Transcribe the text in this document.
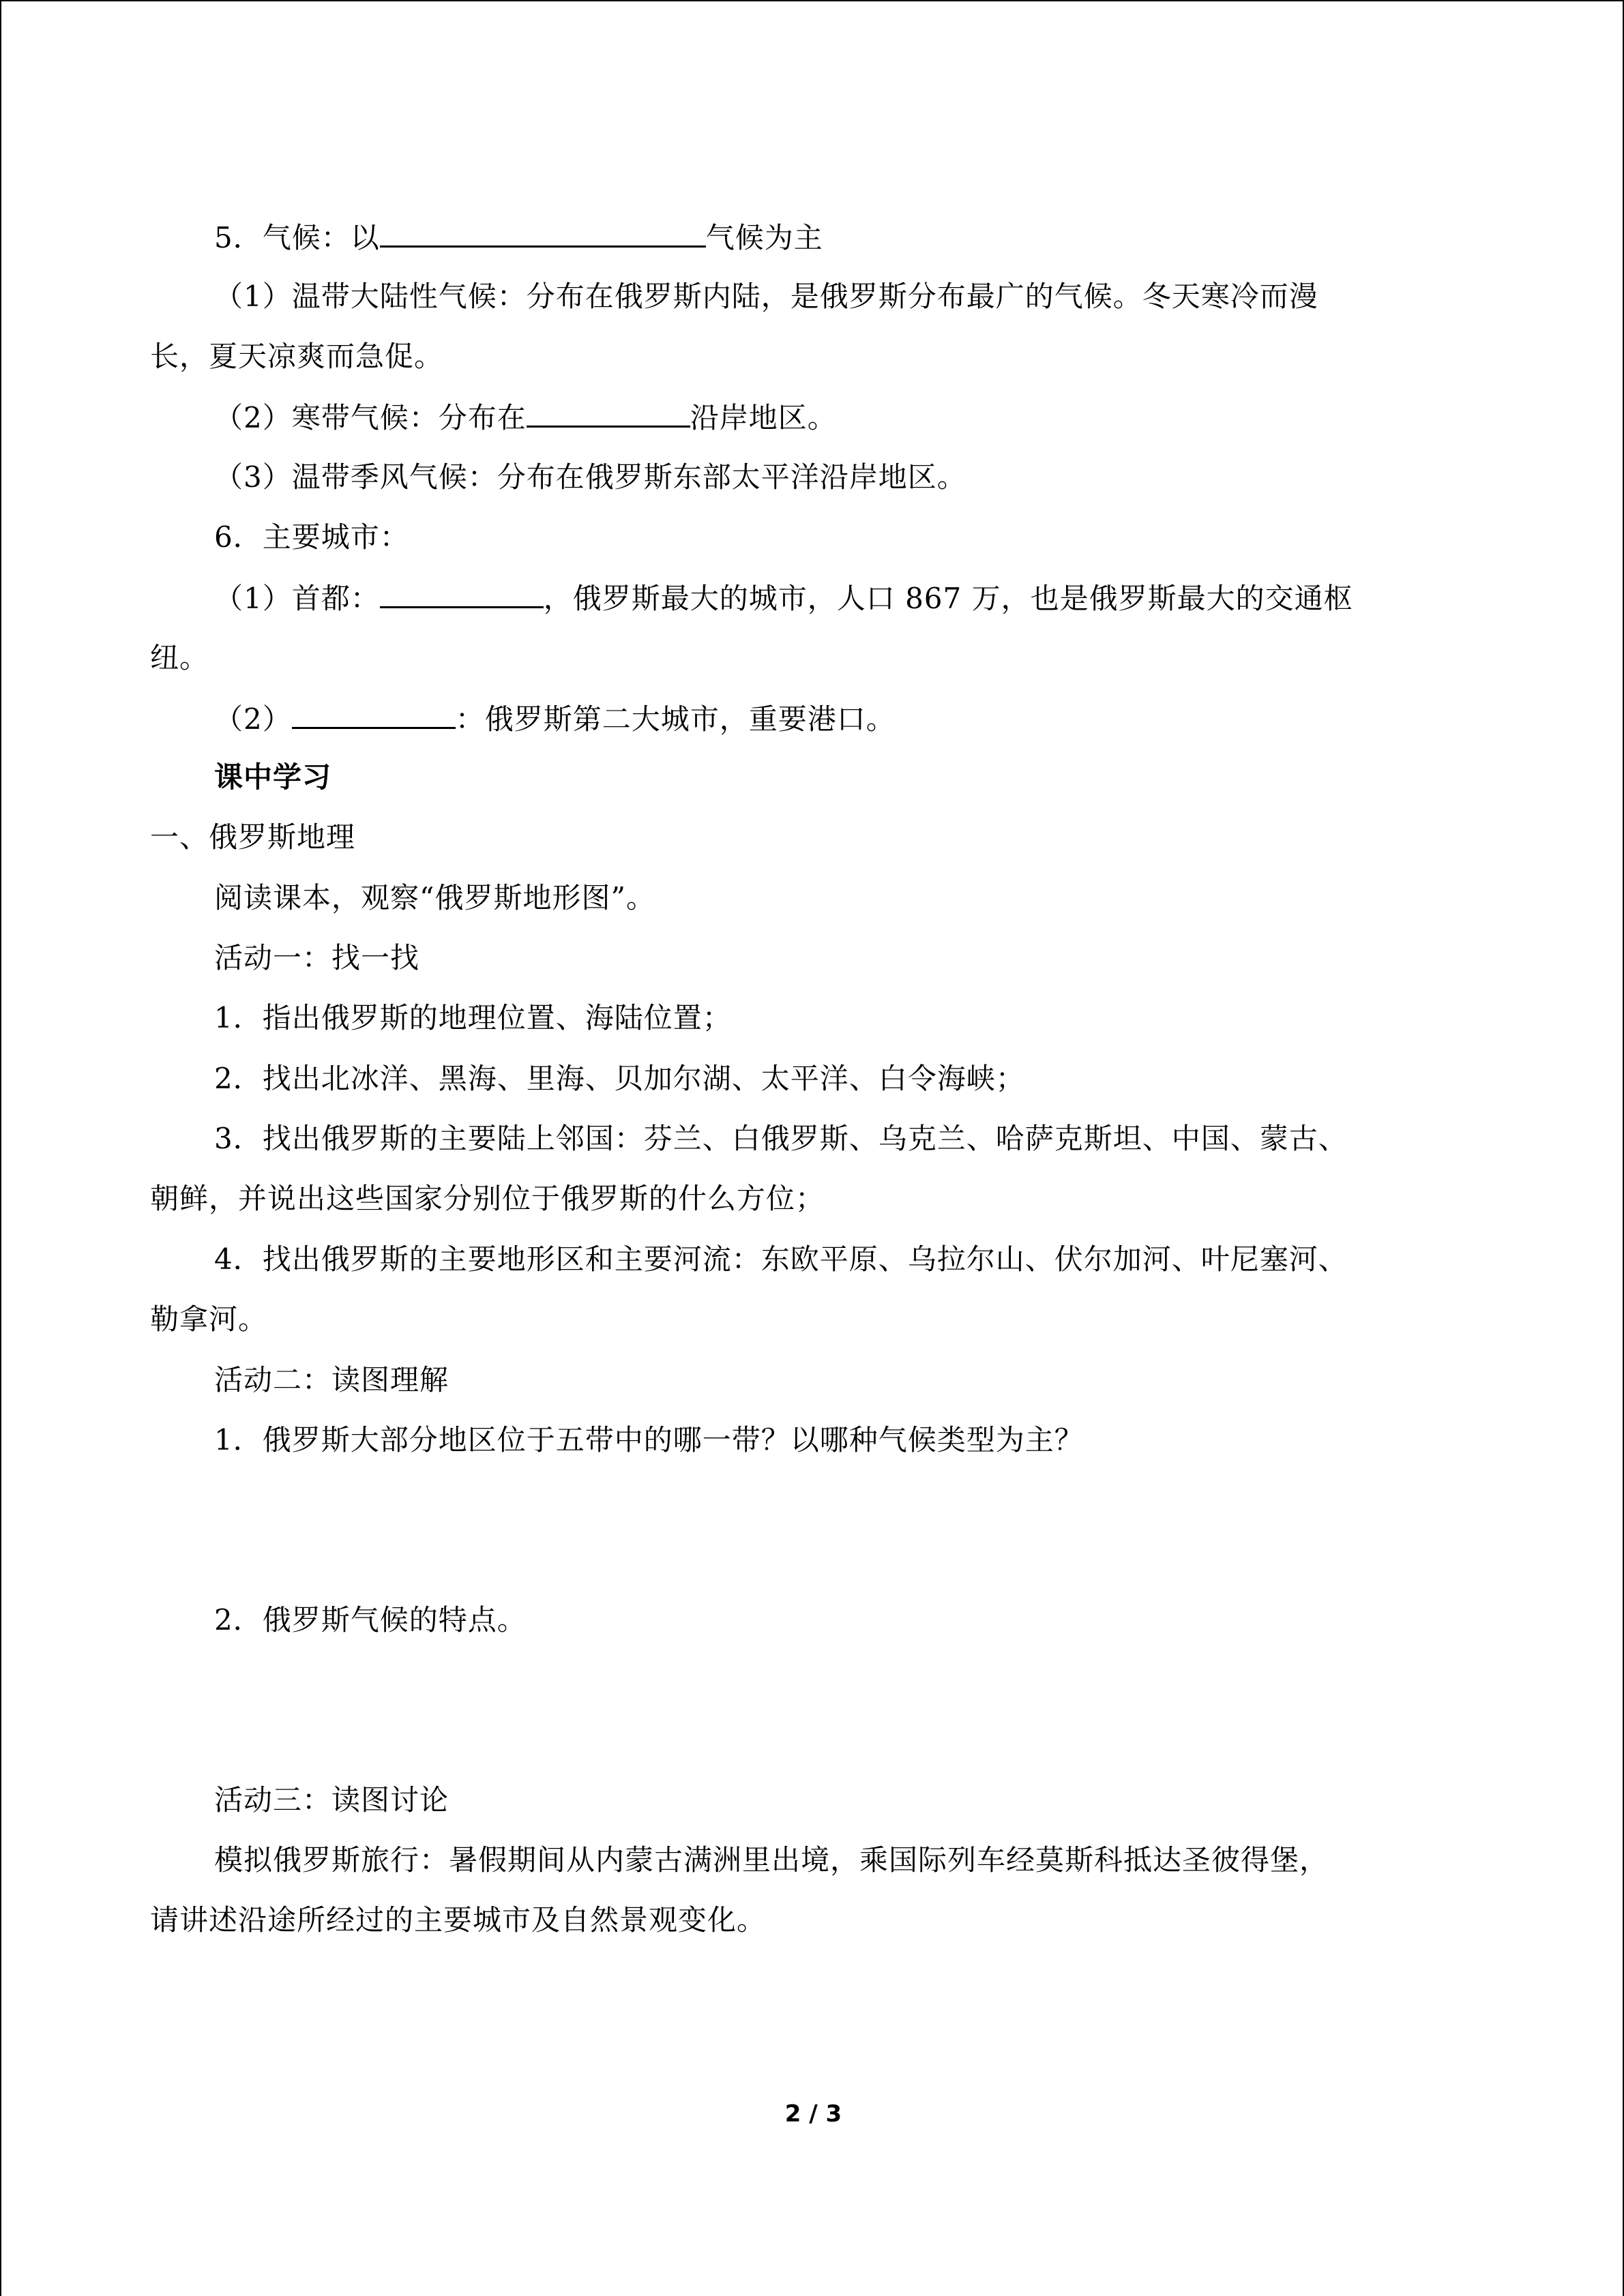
5．气候：以	气候为主
（1）温带大陆性气候：分布在俄罗斯内陆，是俄罗斯分布最广的气候。冬天寒冷而漫
长，夏天凉爽而急促。
（2）寒带气候：分布在	沿岸地区。
（3）温带季风气候：分布在俄罗斯东部太平洋沿岸地区。
6．主要城市：
（1）首都：	，俄罗斯最大的城市，人口 867 万，也是俄罗斯最大的交通枢
纽。
（2）	：俄罗斯第二大城市，重要港口。
课中学习
一、俄罗斯地理
阅读课本，观察“俄罗斯地形图”。
活动一：找一找
1．指出俄罗斯的地理位置、海陆位置；
2．找出北冰洋、黑海、里海、贝加尔湖、太平洋、白令海峡；
3．找出俄罗斯的主要陆上邻国：芬兰、白俄罗斯、乌克兰、哈萨克斯坦、中国、蒙古、
朝鲜，并说出这些国家分别位于俄罗斯的什么方位；
4．找出俄罗斯的主要地形区和主要河流：东欧平原、乌拉尔山、伏尔加河、叶尼塞河、
勒拿河。
活动二：读图理解
1．俄罗斯大部分地区位于五带中的哪一带？以哪种气候类型为主？
2．俄罗斯气候的特点。
活动三：读图讨论
模拟俄罗斯旅行：暑假期间从内蒙古满洲里出境，乘国际列车经莫斯科抵达圣彼得堡，
请讲述沿途所经过的主要城市及自然景观变化。
2 / 3
